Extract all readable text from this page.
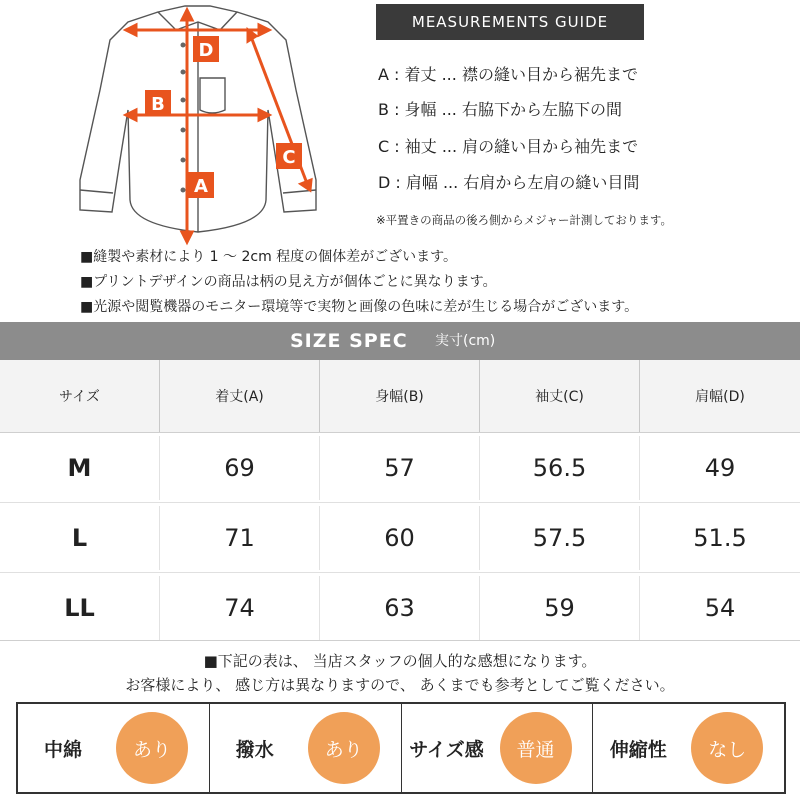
D
B
A
C
MEASUREMENTS GUIDE
A : 着丈 ... 襟の縫い目から裾先まで
B : 身幅 ... 右脇下から左脇下の間
C : 袖丈 ... 肩の縫い目から袖先まで
D : 肩幅 ... 右肩から左肩の縫い目間
※平置きの商品の後ろ側からメジャー計測しております。
■縫製や素材により 1 ～ 2cm 程度の個体差がございます。
■プリントデザインの商品は柄の見え方が個体ごとに異なります。
■光源や閲覧機器のモニター環境等で実物と画像の色味に差が生じる場合がございます。
SIZE SPEC 実寸(cm)
サイズ	着丈(A)	身幅(B)	袖丈(C)	肩幅(D)
M	69	57	56.5	49
L	71	60	57.5	51.5
LL	74	63	59	54
■下記の表は、 当店スタッフの個人的な感想になります。
お客様により、 感じ方は異なりますので、 あくまでも参考としてご覧ください。
中綿	あり	撥水	あり	サイズ感	普通	伸縮性	なし
